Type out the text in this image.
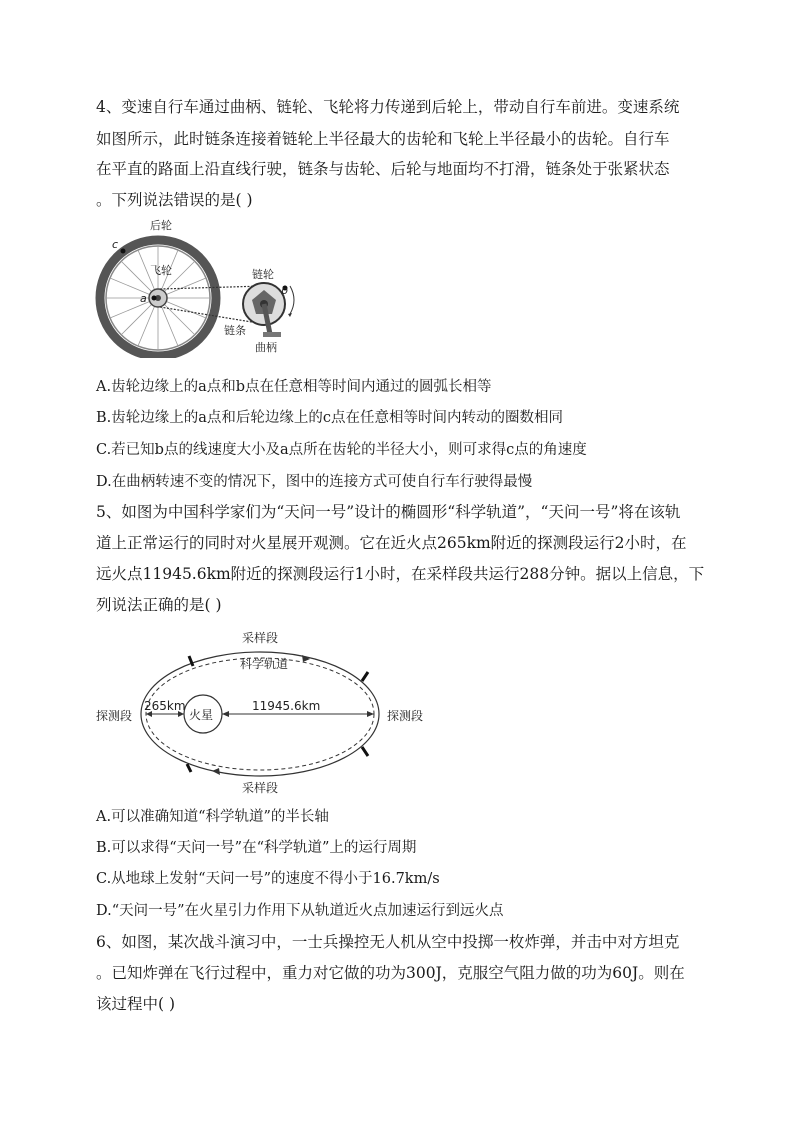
4、变速自行车通过曲柄、链轮、飞轮将力传递到后轮上，带动自行车前进。变速系统
如图所示，此时链条连接着链轮上半径最大的齿轮和飞轮上半径最小的齿轮。自行车
在平直的路面上沿直线行驶，链条与齿轮、后轮与地面均不打滑，链条处于张紧状态
。下列说法错误的是( )
后轮
飞轮	链轮
链条
曲柄
a
b
c
A.齿轮边缘上的a点和b点在任意相等时间内通过的圆弧长相等
B.齿轮边缘上的a点和后轮边缘上的c点在任意相等时间内转动的圈数相同
C.若已知b点的线速度大小及a点所在齿轮的半径大小，则可求得c点的角速度
D.在曲柄转速不变的情况下，图中的连接方式可使自行车行驶得最慢
5、如图为中国科学家们为“天问一号”设计的椭圆形“科学轨道”，“天问一号”将在该轨
道上正常运行的同时对火星展开观测。它在近火点265km附近的探测段运行2小时，在
远火点11945.6km附近的探测段运行1小时，在采样段共运行288分钟。据以上信息，下
列说法正确的是( )
火星
265km	11945.6km
采样段
科学轨道
探测段	探测段
采样段
A.可以准确知道“科学轨道”的半长轴
B.可以求得“天问一号”在“科学轨道”上的运行周期
C.从地球上发射“天问一号”的速度不得小于16.7km/s
D.“天问一号”在火星引力作用下从轨道近火点加速运行到远火点
6、如图，某次战斗演习中，一士兵操控无人机从空中投掷一枚炸弹，并击中对方坦克
。已知炸弹在飞行过程中，重力对它做的功为300J，克服空气阻力做的功为60J。则在
该过程中( )
